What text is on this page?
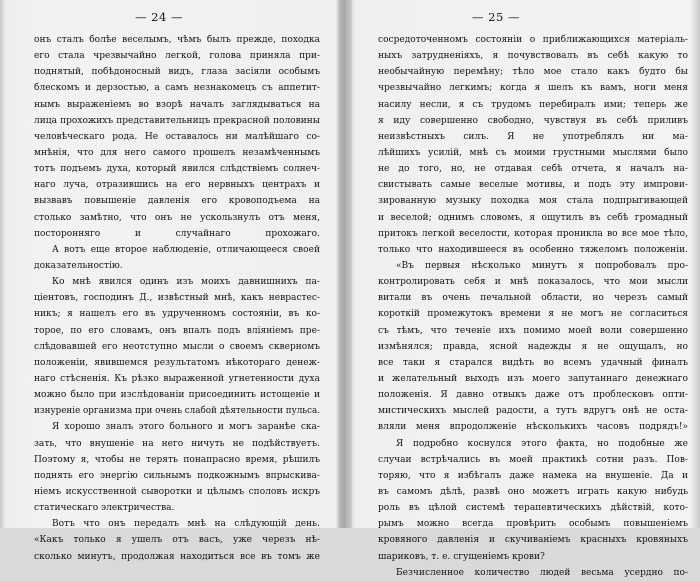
— 24 —
онъ сталъ болѣе веселымъ, чѣмъ былъ прежде, походка
его стала чрезвычайно легкой, голова приняла при-
поднятый, побѣдоносный видъ, глаза засіяли особымъ
блескомъ и дерзостью, а самъ незнакомецъ съ аппетит-
нымъ выраженіемъ во взорѣ началъ заглядываться на
лица прохожихъ представительницъ прекрасной половины
человѣческаго рода. Не оставалось ни малѣйшаго со-
мнѣнія, что для него самого прошелъ незамѣченнымъ
тотъ подъемъ духа, который явился слѣдствіемъ солнеч-
наго луча, отразившись на его нервныхъ центрахъ и
вызвавъ повышеніе давленія его кровоподъема на
столько замѣтно, что онъ не ускользнулъ отъ меня,
посторонняго и случайнаго прохожаго.
А вотъ еще второе наблюденіе, отличающееся своей
доказательностію.
Ко мнѣ явился одинъ изъ моихъ давнишнихъ па-
ціентовъ, господинъ Д., извѣстный мнѣ, какъ неврастеc-
никъ; я нашелъ его въ удрученномъ состояніи, въ ко-
торое, по его словамъ, онъ впалъ подъ вліяніемъ пре-
слѣдовавшей его неотступно мысли о своемъ скверномъ
положеніи, явившемся результатомъ нѣкотораго денеж-
наго стѣсненія. Къ рѣзко выраженной угнетенности духа
можно было при изслѣдованіи присоединить истощеніе и
изнуреніе организма при очень слабой дѣятельности пульса.
Я хорошо зналъ этого больного и могъ заранѣе ска-
зать, что внушеніе на него ничуть не подѣйствуетъ.
Поэтому я, чтобы не терять понапрасно время, рѣшилъ
поднять его энергію сильнымъ подкожнымъ впрыскива-
ніемъ искусственной сыворотки и цѣлымъ споловъ искръ
статическаго электричества.
Вотъ что онъ передалъ мнѣ на слѣдующій день.
«Какъ только я ушелъ отъ васъ, уже черезъ нѣ-
сколько минутъ, продолжая находиться все въ томъ же
— 25 —
сосредоточенномъ состояніи о приближающихся матеріаль-
ныхъ затрудненіяхъ, я почувствовалъ въ себѣ какую то
необычайную перемѣну; тѣло мое стало какъ будто бы
чрезвычайно легкимъ; когда я шелъ къ вамъ, ноги меня
насилу несли, я съ трудомъ перебиралъ ими; теперь же
я иду совершенно свободно, чувствуя въ себѣ приливъ
неизвѣстныхъ силъ. Я не употреблялъ ни ма-
лѣйшихъ усилій, мнѣ съ моими грустными мыслями было
не до того, но, не отдавая себѣ отчета, я началъ на-
свистывать самые веселые мотивы, и подъ эту импрови-
зированную музыку походка моя стала подпрыгивающей
и веселой; однимъ словомъ, я ощутилъ въ себѣ громадный
притокъ легкой веселости, которая проникла во все мое тѣло,
только что находившееся въ особенно тяжеломъ положеніи.
«Въ первыя нѣсколько минутъ я попробовалъ про-
контролировать себя и мнѣ показалось, что мои мысли
витали въ очень печальной области, но черезъ самый
короткій промежутокъ времени я не могъ не согласиться
съ тѣмъ, что теченіе ихъ помимо моей воли совершенно
измѣнялся; правда, ясной надежды я не ощущалъ, но
все таки я старался видѣть во всемъ удачный финалъ
и желательный выходъ изъ моего запутаннаго денежнаго
положенія. Я давно отвыкъ даже отъ проблесковъ опти-
мистическихъ мыслей радости, а тутъ вдругъ онѣ не оста-
вляли меня впродолженіе нѣсколькихъ часовъ подрядъ!»
Я подробно коснулся этого факта, но подобные же
случаи встрѣчались въ моей практикѣ сотни разъ. Пов-
торяю, что я избѣгалъ даже намека на внушеніе. Да и
въ самомъ дѣлѣ, развѣ оно можетъ играть какую нибудь
роль въ цѣлой системѣ терапевтическихъ дѣйствій, кото-
рымъ можно всегда провѣрить особымъ повышеніемъ
кровяного давленія и скучиваніемъ красныхъ кровяныхъ
шариковъ, т. е. сгущеніемъ крови?
Безчисленное количество людей весьма усердно по-
